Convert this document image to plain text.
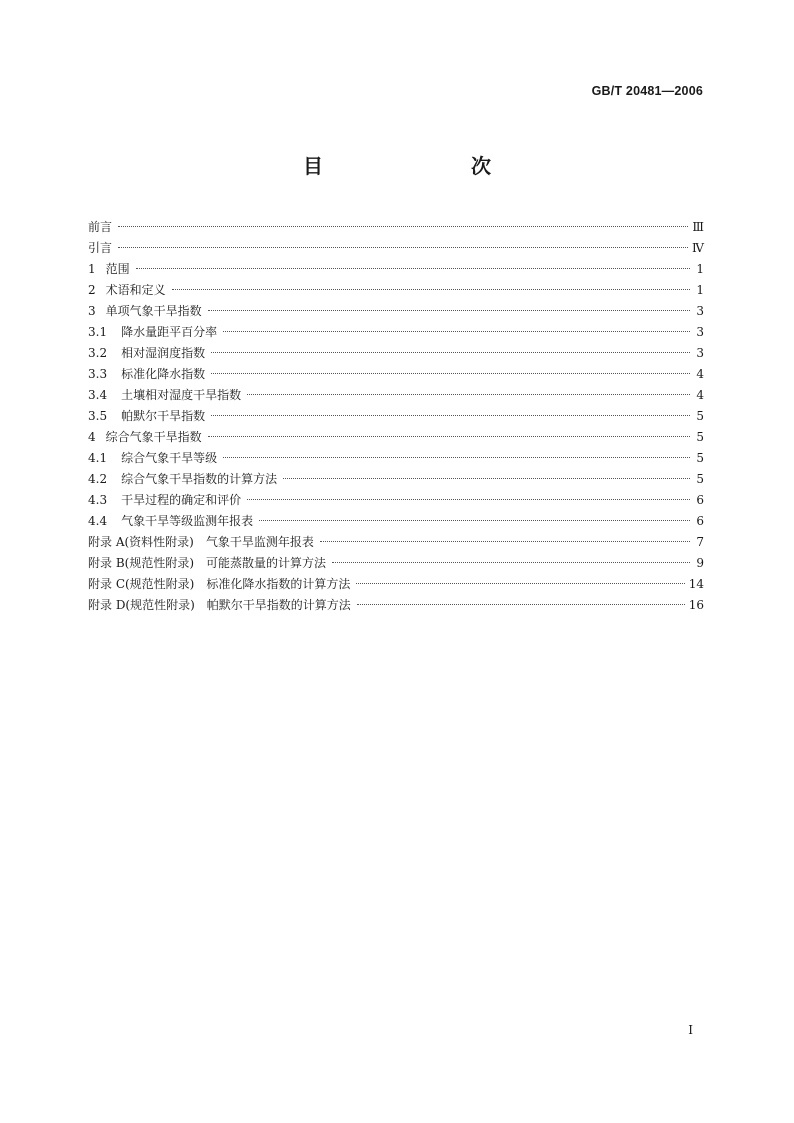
GB/T 20481—2006
目　　次
前言	Ⅲ
引言	Ⅳ
1 范围	1
2 术语和定义	1
3 单项气象干旱指数	3
3.1 降水量距平百分率	3
3.2 相对湿润度指数	3
3.3 标准化降水指数	4
3.4 土壤相对湿度干旱指数	4
3.5 帕默尔干旱指数	5
4 综合气象干旱指数	5
4.1 综合气象干旱等级	5
4.2 综合气象干旱指数的计算方法	5
4.3 干旱过程的确定和评价	6
4.4 气象干旱等级监测年报表	6
附录 A(资料性附录)　气象干旱监测年报表	7
附录 B(规范性附录)　可能蒸散量的计算方法	9
附录 C(规范性附录)　标准化降水指数的计算方法	14
附录 D(规范性附录)　帕默尔干旱指数的计算方法	16
I
